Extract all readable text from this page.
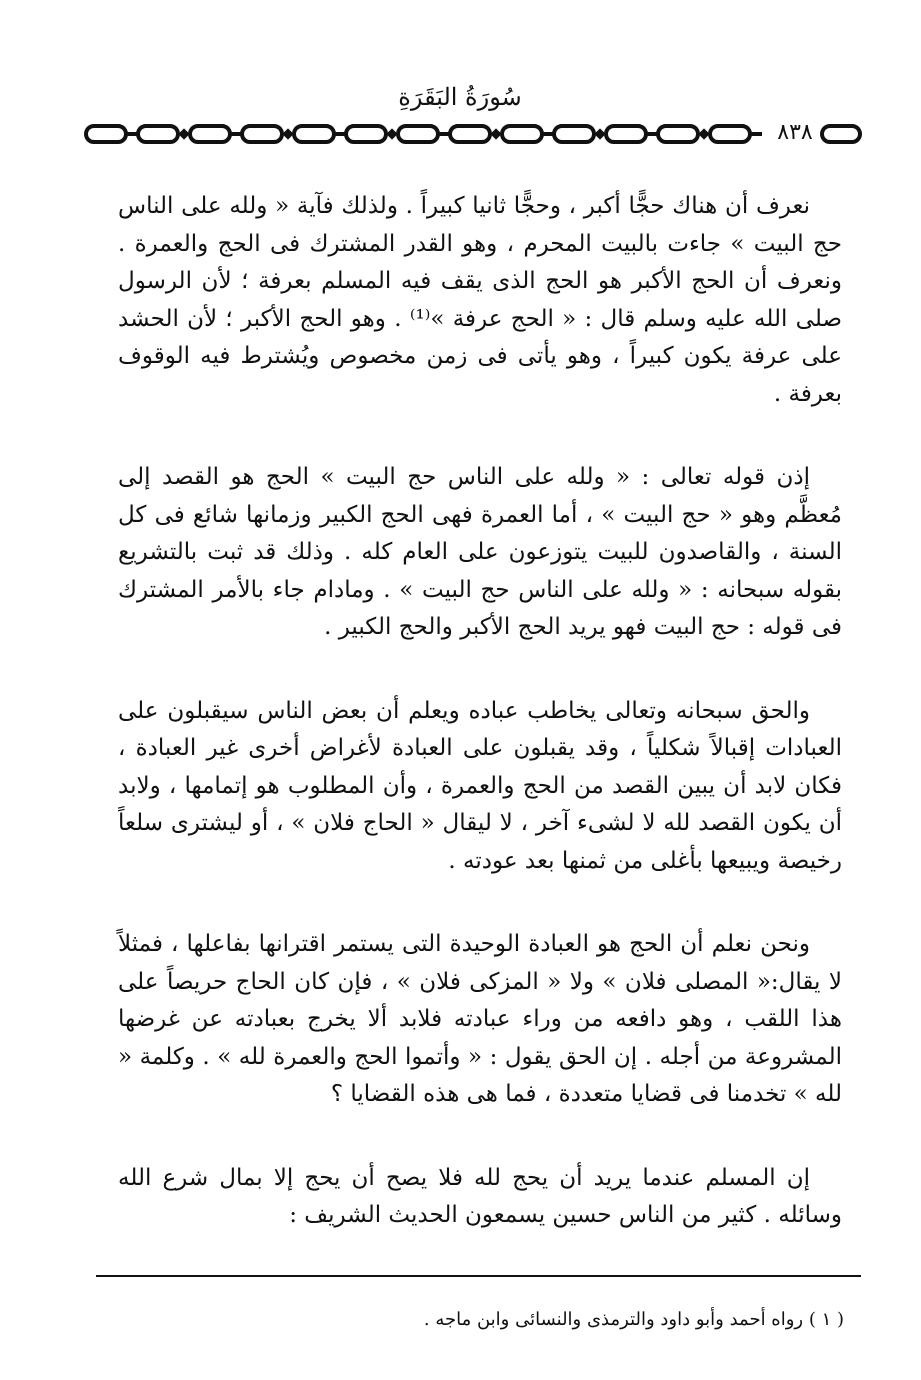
سُورَةُ البَقَرَةِ
٨٣٨

نعرف أن هناك حجًّا أكبر ، وحجًّا ثانيا كبيراً . ولذلك فآية « ولله على الناس حج البيت » جاءت بالبيت المحرم ، وهو القدر المشترك فى الحج والعمرة . ونعرف أن الحج الأكبر هو الحج الذى يقف فيه المسلم بعرفة ؛ لأن الرسول صلى الله عليه وسلم قال : « الحج عرفة »⁽¹⁾ . وهو الحج الأكبر ؛ لأن الحشد على عرفة يكون كبيراً ، وهو يأتى فى زمن مخصوص ويُشترط فيه الوقوف بعرفة .

إذن قوله تعالى : « ولله على الناس حج البيت » الحج هو القصد إلى مُعظَّم وهو « حج البيت » ، أما العمرة فهى الحج الكبير وزمانها شائع فى كل السنة ، والقاصدون للبيت يتوزعون على العام كله . وذلك قد ثبت بالتشريع بقوله سبحانه : « ولله على الناس حج البيت » . ومادام جاء بالأمر المشترك فى قوله : حج البيت فهو يريد الحج الأكبر والحج الكبير .

والحق سبحانه وتعالى يخاطب عباده ويعلم أن بعض الناس سيقبلون على العبادات إقبالاً شكلياً ، وقد يقبلون على العبادة لأغراض أخرى غير العبادة ، فكان لابد أن يبين القصد من الحج والعمرة ، وأن المطلوب هو إتمامها ، ولابد أن يكون القصد لله لا لشىء آخر ، لا ليقال « الحاج فلان » ، أو ليشترى سلعاً رخيصة ويبيعها بأغلى من ثمنها بعد عودته .

ونحن نعلم أن الحج هو العبادة الوحيدة التى يستمر اقترانها بفاعلها ، فمثلاً لا يقال:« المصلى فلان » ولا « المزكى فلان » ، فإن كان الحاج حريصاً على هذا اللقب ، وهو دافعه من وراء عبادته فلابد ألا يخرج بعبادته عن غرضها المشروعة من أجله . إن الحق يقول : « وأتموا الحج والعمرة لله » . وكلمة « لله » تخدمنا فى قضايا متعددة ، فما هى هذه القضايا ؟

إن المسلم عندما يريد أن يحج لله فلا يصح أن يحج إلا بمال شرع الله وسائله . كثير من الناس حسين يسمعون الحديث الشريف :

( ١ ) رواه أحمد وأبو داود والترمذى والنسائى وابن ماجه .
